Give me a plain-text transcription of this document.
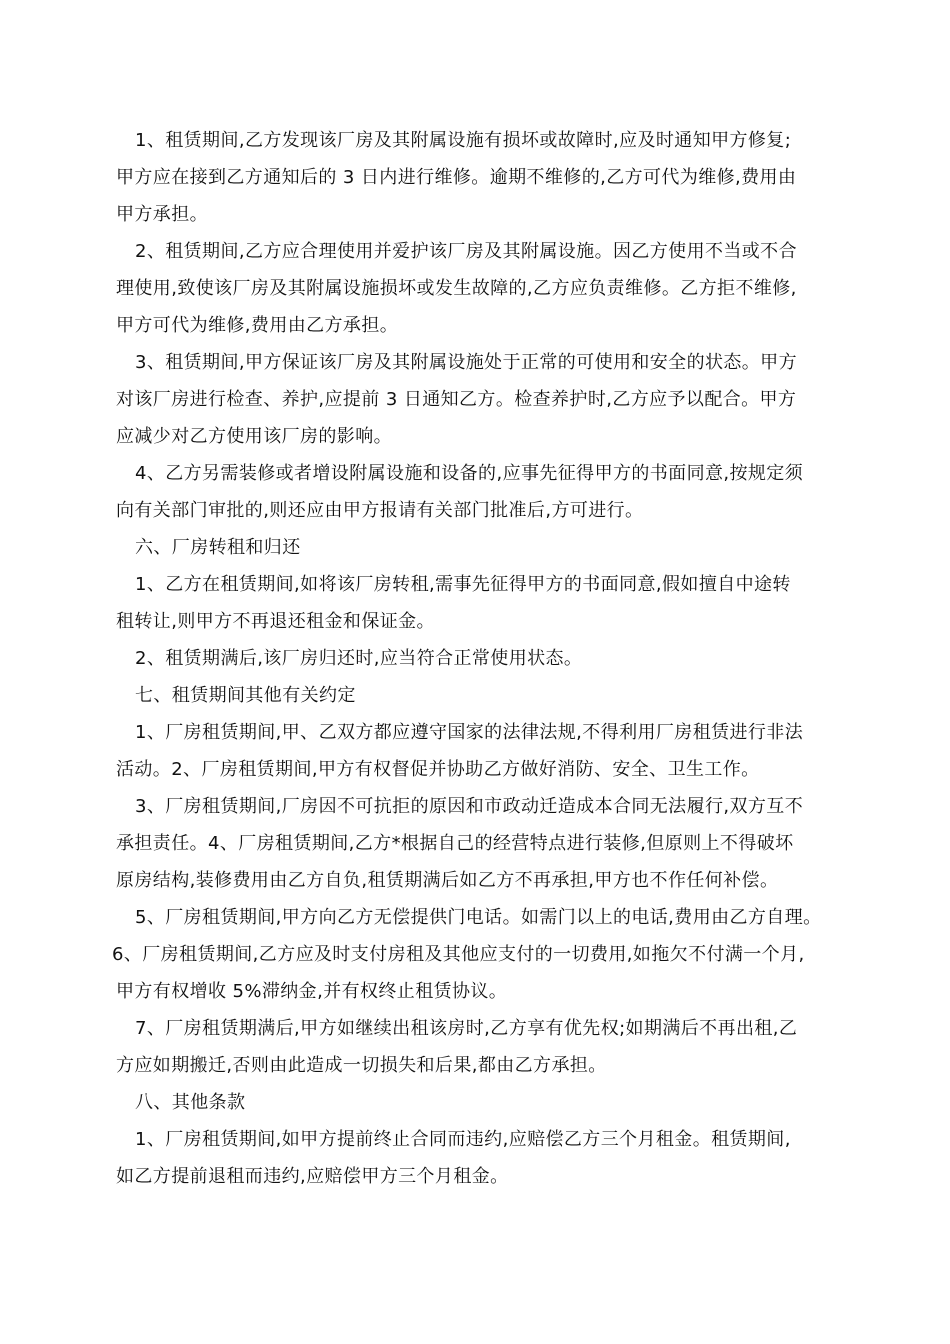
1、租赁期间,乙方发现该厂房及其附属设施有损坏或故障时,应及时通知甲方修复;
甲方应在接到乙方通知后的 3 日内进行维修。逾期不维修的,乙方可代为维修,费用由
甲方承担。
2、租赁期间,乙方应合理使用并爱护该厂房及其附属设施。因乙方使用不当或不合
理使用,致使该厂房及其附属设施损坏或发生故障的,乙方应负责维修。乙方拒不维修,
甲方可代为维修,费用由乙方承担。
3、租赁期间,甲方保证该厂房及其附属设施处于正常的可使用和安全的状态。甲方
对该厂房进行检查、养护,应提前 3 日通知乙方。检查养护时,乙方应予以配合。甲方
应减少对乙方使用该厂房的影响。
4、乙方另需装修或者增设附属设施和设备的,应事先征得甲方的书面同意,按规定须
向有关部门审批的,则还应由甲方报请有关部门批准后,方可进行。
六、厂房转租和归还
1、乙方在租赁期间,如将该厂房转租,需事先征得甲方的书面同意,假如擅自中途转
租转让,则甲方不再退还租金和保证金。
2、租赁期满后,该厂房归还时,应当符合正常使用状态。
七、租赁期间其他有关约定
1、厂房租赁期间,甲、乙双方都应遵守国家的法律法规,不得利用厂房租赁进行非法
活动。2、厂房租赁期间,甲方有权督促并协助乙方做好消防、安全、卫生工作。
3、厂房租赁期间,厂房因不可抗拒的原因和市政动迁造成本合同无法履行,双方互不
承担责任。4、厂房租赁期间,乙方*根据自己的经营特点进行装修,但原则上不得破坏
原房结构,装修费用由乙方自负,租赁期满后如乙方不再承担,甲方也不作任何补偿。
5、厂房租赁期间,甲方向乙方无偿提供门电话。如需门以上的电话,费用由乙方自理。
6、厂房租赁期间,乙方应及时支付房租及其他应支付的一切费用,如拖欠不付满一个月,
甲方有权增收 5%滞纳金,并有权终止租赁协议。
7、厂房租赁期满后,甲方如继续出租该房时,乙方享有优先权;如期满后不再出租,乙
方应如期搬迁,否则由此造成一切损失和后果,都由乙方承担。
八、其他条款
1、厂房租赁期间,如甲方提前终止合同而违约,应赔偿乙方三个月租金。租赁期间,
如乙方提前退租而违约,应赔偿甲方三个月租金。
